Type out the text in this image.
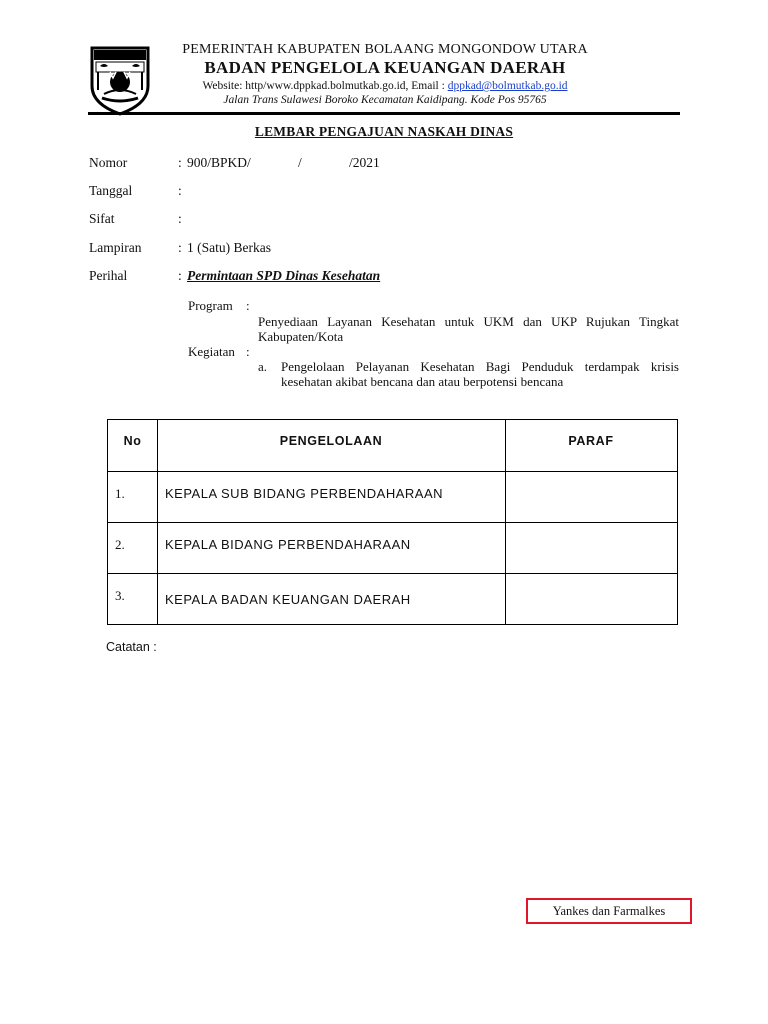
PEMERINTAH KABUPATEN BOLAANG MONGONDOW UTARA
BADAN PENGELOLA KEUANGAN DAERAH
Website: http/www.dppkad.bolmutkab.go.id, Email : dppkad@bolmutkab.go.id
Jalan Trans Sulawesi Boroko Kecamatan Kaidipang. Kode Pos 95765
LEMBAR PENGAJUAN NASKAH DINAS
Nomor	: 900/BPKD/              /              /2021
Tanggal	:
Sifat	:
Lampiran	: 1 (Satu) Berkas
Perihal	: Permintaan SPD Dinas Kesehatan
Program :
Penyediaan Layanan Kesehatan untuk UKM dan UKP Rujukan Tingkat Kabupaten/Kota
Kegiatan :
a. Pengelolaan Pelayanan Kesehatan Bagi Penduduk terdampak krisis kesehatan akibat bencana dan atau berpotensi bencana
No	PENGELOLAAN	PARAF
1.	KEPALA SUB BIDANG PERBENDAHARAAN
2.	KEPALA BIDANG PERBENDAHARAAN
3.	KEPALA BADAN KEUANGAN DAERAH
Catatan :
Yankes dan Farmalkes
